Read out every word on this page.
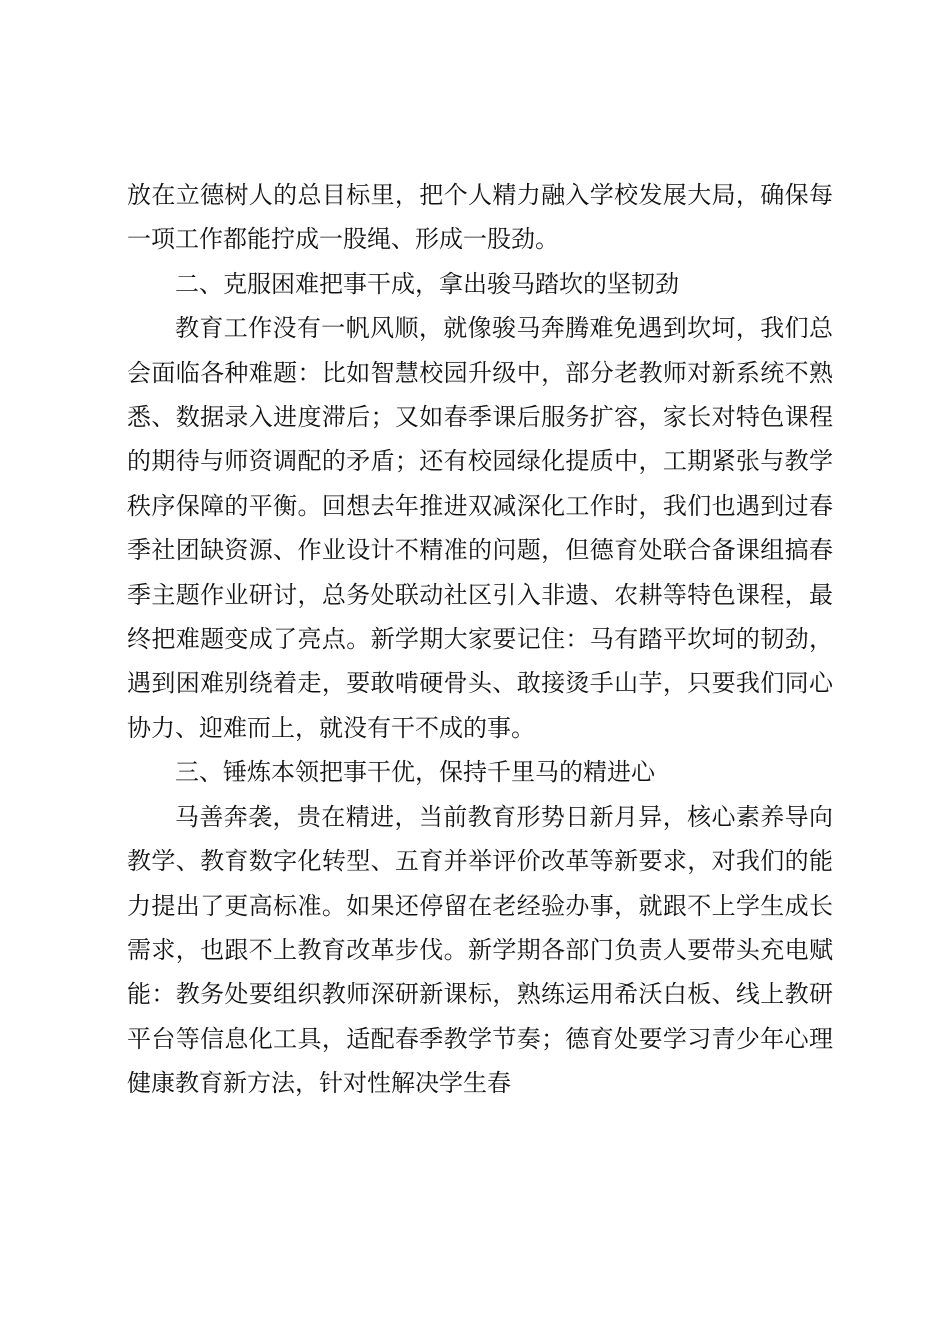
放在立德树人的总目标里，把个人精力融入学校发展大局，确保每一项工作都能拧成一股绳、形成一股劲。

二、克服困难把事干成，拿出骏马踏坎的坚韧劲

教育工作没有一帆风顺，就像骏马奔腾难免遇到坎坷，我们总会面临各种难题：比如智慧校园升级中，部分老教师对新系统不熟悉、数据录入进度滞后；又如春季课后服务扩容，家长对特色课程的期待与师资调配的矛盾；还有校园绿化提质中，工期紧张与教学秩序保障的平衡。回想去年推进双减深化工作时，我们也遇到过春季社团缺资源、作业设计不精准的问题，但德育处联合备课组搞春季主题作业研讨，总务处联动社区引入非遗、农耕等特色课程，最终把难题变成了亮点。新学期大家要记住：马有踏平坎坷的韧劲，遇到困难别绕着走，要敢啃硬骨头、敢接烫手山芋，只要我们同心协力、迎难而上，就没有干不成的事。

三、锤炼本领把事干优，保持千里马的精进心

马善奔袭，贵在精进，当前教育形势日新月异，核心素养导向教学、教育数字化转型、五育并举评价改革等新要求，对我们的能力提出了更高标准。如果还停留在老经验办事，就跟不上学生成长需求，也跟不上教育改革步伐。新学期各部门负责人要带头充电赋能：教务处要组织教师深研新课标，熟练运用希沃白板、线上教研平台等信息化工具，适配春季教学节奏；德育处要学习青少年心理健康教育新方法，针对性解决学生春
